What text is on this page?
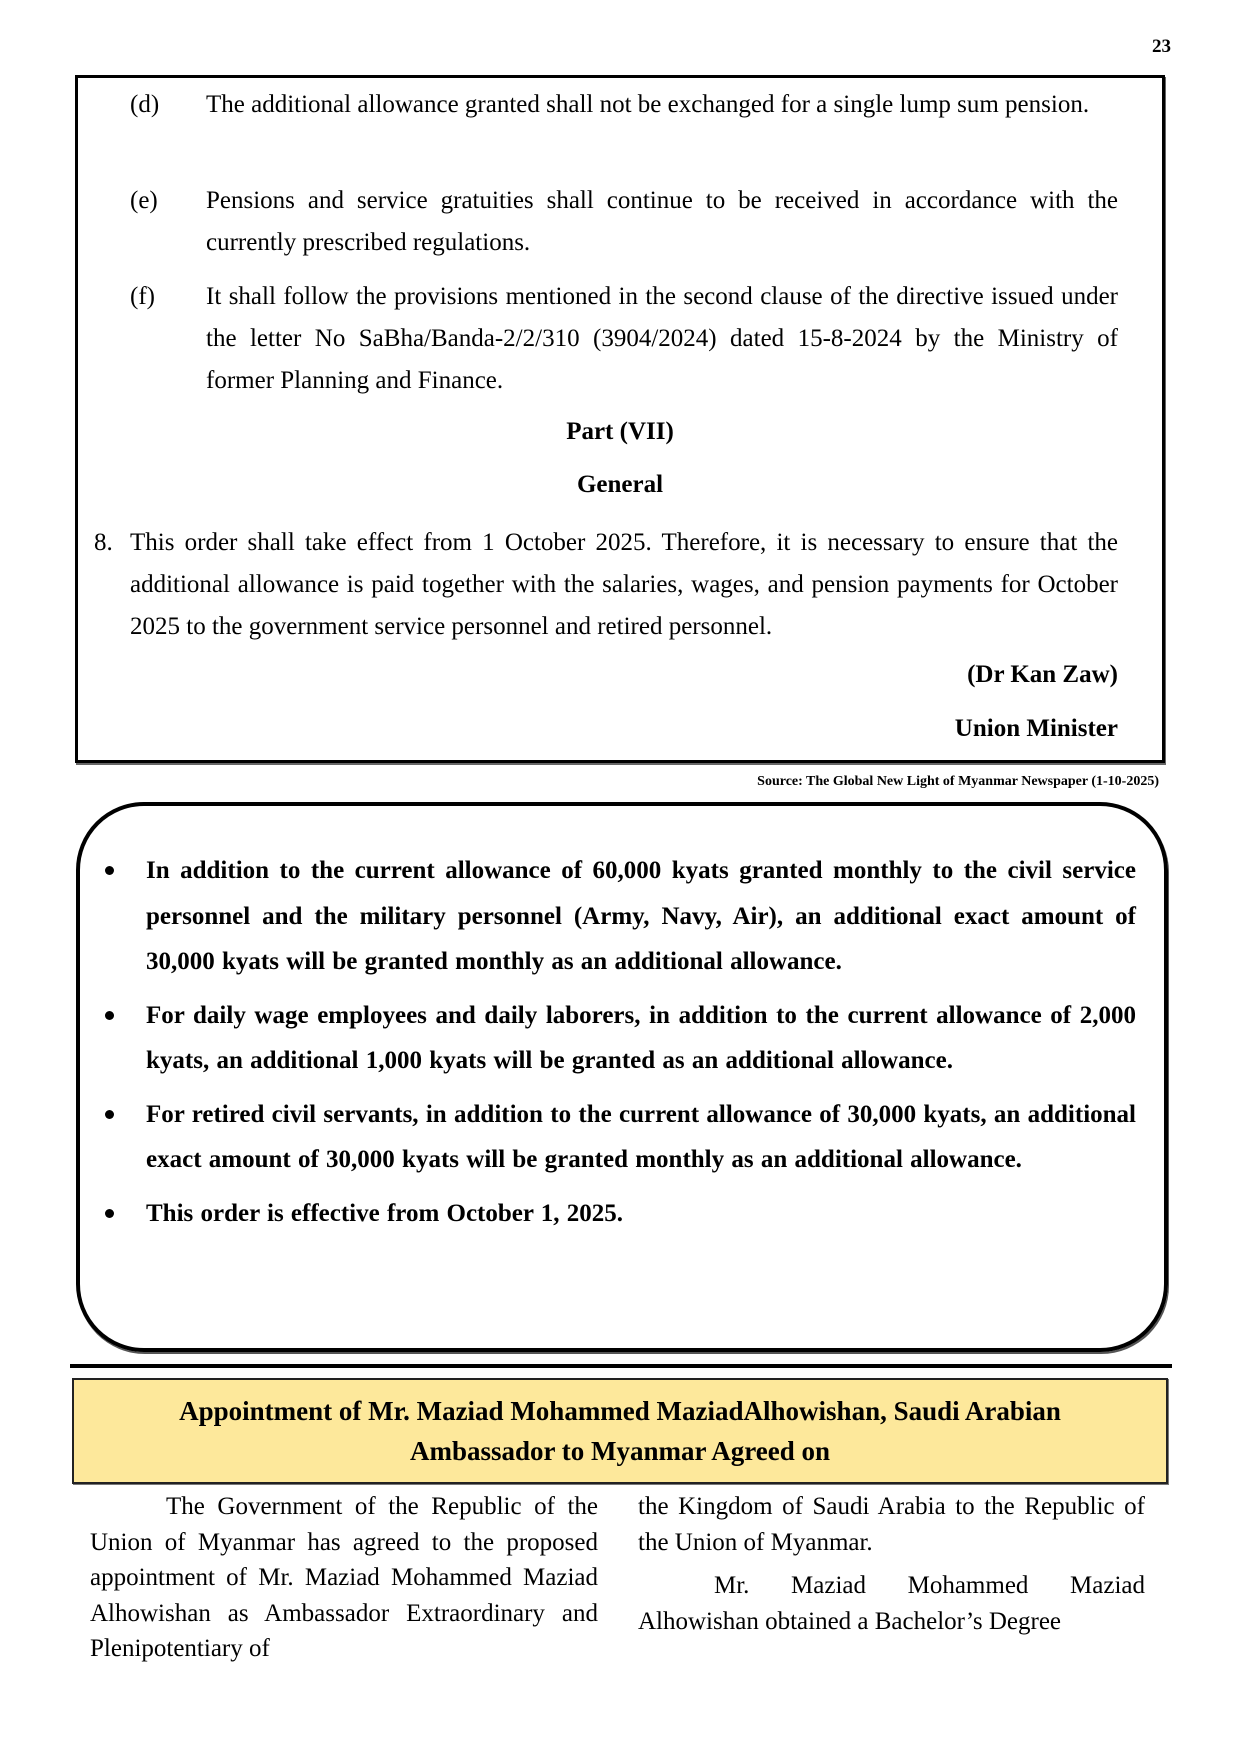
23
(d) The additional allowance granted shall not be exchanged for a single lump sum pension.
(e) Pensions and service gratuities shall continue to be received in accordance with the currently prescribed regulations.
(f) It shall follow the provisions mentioned in the second clause of the directive issued under the letter No SaBha/Banda-2/2/310 (3904/2024) dated 15-8-2024 by the Ministry of former Planning and Finance.
Part (VII)
General
8. This order shall take effect from 1 October 2025. Therefore, it is necessary to ensure that the additional allowance is paid together with the salaries, wages, and pension payments for October 2025 to the government service personnel and retired personnel.
(Dr Kan Zaw)
Union Minister
Source: The Global New Light of Myanmar Newspaper (1-10-2025)
In addition to the current allowance of 60,000 kyats granted monthly to the civil service personnel and the military personnel (Army, Navy, Air), an additional exact amount of 30,000 kyats will be granted monthly as an additional allowance.
For daily wage employees and daily laborers, in addition to the current allowance of 2,000 kyats, an additional 1,000 kyats will be granted as an additional allowance.
For retired civil servants, in addition to the current allowance of 30,000 kyats, an additional exact amount of 30,000 kyats will be granted monthly as an additional allowance.
This order is effective from October 1, 2025.
Appointment of Mr. Maziad Mohammed MaziadAlhowishan, Saudi Arabian
Ambassador to Myanmar Agreed on

The Government of the Republic of the Union of Myanmar has agreed to the proposed appointment of Mr. Maziad Mohammed Maziad Alhowishan as Ambassador Extraordinary and Plenipotentiary of

the Kingdom of Saudi Arabia to the Republic of the Union of Myanmar.

Mr. Maziad Mohammed Maziad Alhowishan obtained a Bachelor’s Degree
